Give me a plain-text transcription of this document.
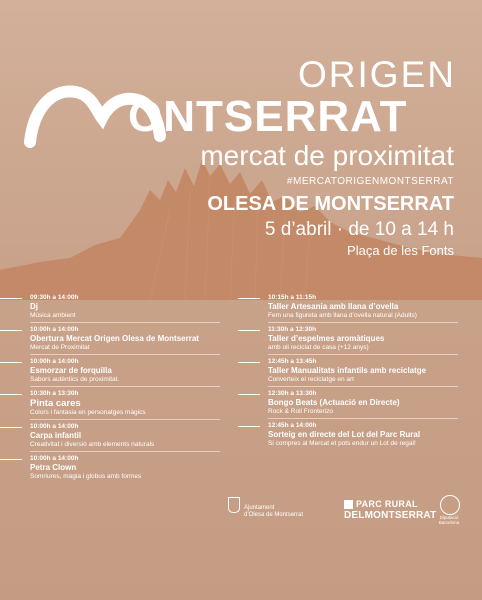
ORIGEN
ONTSERRAT
mercat de proximitat
#MERCATORIGENMONTSERRAT
OLESA DE MONTSERRAT
5 d’abril · de 10 a 14 h
Plaça de les Fonts
09:30h a 14:00h
Dj
Música ambient
10:00h a 14:00h
Obertura Mercat Origen Olesa de Montserrat
Mercat de Proximitat
10:00h a 14:00h
Esmorzar de forquilla
Sabors autèntics de proximitat.
10:30h a 13:30h
Pinta cares
Colors i fantasia en personatges màgics
10:00h a 14:00h
Carpa infantil
Creativitat i diversió amb elements naturals
10:00h a 14:00h
Petra Clown
Somriures, màgia i globus amb formes
10:15h a 11:15h
Taller Artesania amb llana d’ovella
Fem una figureta amb llana d’ovella natural (Adults)
11:30h a 12:30h
Taller d’espelmes aromàtiques
amb oli reciclat de casa (+12 anys)
12:45h a 13:45h
Taller Manualitats infantils amb reciclatge
Converteix el reciclatge en art
12:30h a 13:30h
Bongo Beats (Actuació en Directe)
Rock & Roll Fronterizo
12:45h a 14:00h
Sorteig en directe del Lot del Parc Rural
Si compres al Mercat et pots endur un Lot de regal!
Ajuntament
d’Olesa de Montserrat
PARC RURAL
DELMONTSERRAT Diputació
Barcelona
